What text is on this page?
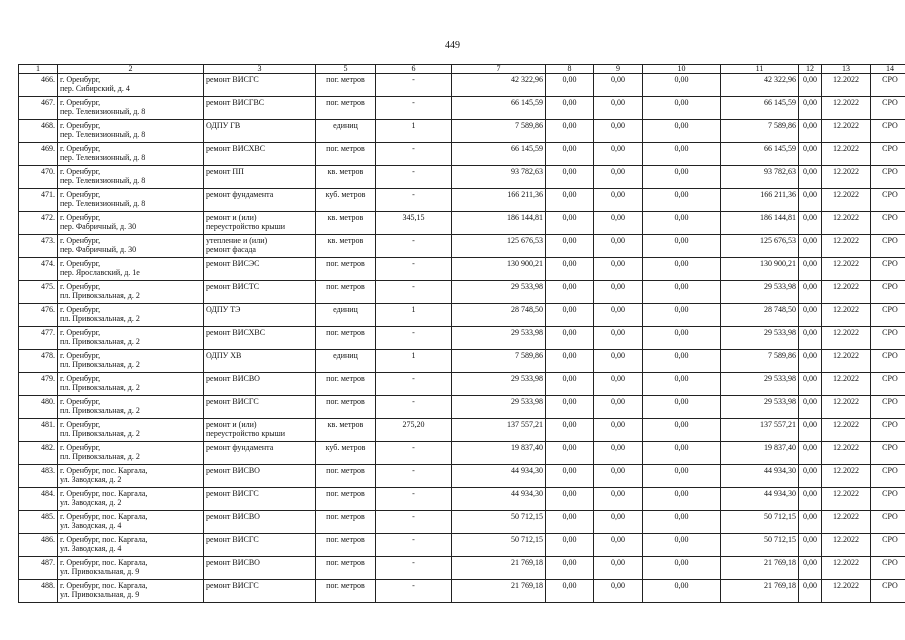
449
1	2	3	5	6	7	8	9	10	11	12	13	14
466.	г. Оренбург,
пер. Сибирский, д. 4	ремонт ВИСГС	пог. метров	-	42 322,96	0,00	0,00	0,00	42 322,96	0,00	12.2022	СРО
467.	г. Оренбург,
пер. Телевизионный, д. 8	ремонт ВИСГВС	пог. метров	-	66 145,59	0,00	0,00	0,00	66 145,59	0,00	12.2022	СРО
468.	г. Оренбург,
пер. Телевизионный, д. 8	ОДПУ ГВ	единиц	1	7 589,86	0,00	0,00	0,00	7 589,86	0,00	12.2022	СРО
469.	г. Оренбург,
пер. Телевизионный, д. 8	ремонт ВИСХВС	пог. метров	-	66 145,59	0,00	0,00	0,00	66 145,59	0,00	12.2022	СРО
470.	г. Оренбург,
пер. Телевизионный, д. 8	ремонт ПП	кв. метров	-	93 782,63	0,00	0,00	0,00	93 782,63	0,00	12.2022	СРО
471.	г. Оренбург,
пер. Телевизионный, д. 8	ремонт фундамента	куб. метров	-	166 211,36	0,00	0,00	0,00	166 211,36	0,00	12.2022	СРО
472.	г. Оренбург,
пер. Фабричный, д. 30	ремонт и (или)
переустройство крыши	кв. метров	345,15	186 144,81	0,00	0,00	0,00	186 144,81	0,00	12.2022	СРО
473.	г. Оренбург,
пер. Фабричный, д. 30	утепление и (или)
ремонт фасада	кв. метров	-	125 676,53	0,00	0,00	0,00	125 676,53	0,00	12.2022	СРО
474.	г. Оренбург,
пер. Ярославский, д. 1е	ремонт ВИСЭС	пог. метров	-	130 900,21	0,00	0,00	0,00	130 900,21	0,00	12.2022	СРО
475.	г. Оренбург,
пл. Привокзальная, д. 2	ремонт ВИСТС	пог. метров	-	29 533,98	0,00	0,00	0,00	29 533,98	0,00	12.2022	СРО
476.	г. Оренбург,
пл. Привокзальная, д. 2	ОДПУ ТЭ	единиц	1	28 748,50	0,00	0,00	0,00	28 748,50	0,00	12.2022	СРО
477.	г. Оренбург,
пл. Привокзальная, д. 2	ремонт ВИСХВС	пог. метров	-	29 533,98	0,00	0,00	0,00	29 533,98	0,00	12.2022	СРО
478.	г. Оренбург,
пл. Привокзальная, д. 2	ОДПУ ХВ	единиц	1	7 589,86	0,00	0,00	0,00	7 589,86	0,00	12.2022	СРО
479.	г. Оренбург,
пл. Привокзальная, д. 2	ремонт ВИСВО	пог. метров	-	29 533,98	0,00	0,00	0,00	29 533,98	0,00	12.2022	СРО
480.	г. Оренбург,
пл. Привокзальная, д. 2	ремонт ВИСГС	пог. метров	-	29 533,98	0,00	0,00	0,00	29 533,98	0,00	12.2022	СРО
481.	г. Оренбург,
пл. Привокзальная, д. 2	ремонт и (или)
переустройство крыши	кв. метров	275,20	137 557,21	0,00	0,00	0,00	137 557,21	0,00	12.2022	СРО
482.	г. Оренбург,
пл. Привокзальная, д. 2	ремонт фундамента	куб. метров	-	19 837,40	0,00	0,00	0,00	19 837,40	0,00	12.2022	СРО
483.	г. Оренбург, пос. Каргала,
ул. Заводская, д. 2	ремонт ВИСВО	пог. метров	-	44 934,30	0,00	0,00	0,00	44 934,30	0,00	12.2022	СРО
484.	г. Оренбург, пос. Каргала,
ул. Заводская, д. 2	ремонт ВИСГС	пог. метров	-	44 934,30	0,00	0,00	0,00	44 934,30	0,00	12.2022	СРО
485.	г. Оренбург, пос. Каргала,
ул. Заводская, д. 4	ремонт ВИСВО	пог. метров	-	50 712,15	0,00	0,00	0,00	50 712,15	0,00	12.2022	СРО
486.	г. Оренбург, пос. Каргала,
ул. Заводская, д. 4	ремонт ВИСГС	пог. метров	-	50 712,15	0,00	0,00	0,00	50 712,15	0,00	12.2022	СРО
487.	г. Оренбург, пос. Каргала,
ул. Привокзальная, д. 9	ремонт ВИСВО	пог. метров	-	21 769,18	0,00	0,00	0,00	21 769,18	0,00	12.2022	СРО
488.	г. Оренбург, пос. Каргала,
ул. Привокзальная, д. 9	ремонт ВИСГС	пог. метров	-	21 769,18	0,00	0,00	0,00	21 769,18	0,00	12.2022	СРО
